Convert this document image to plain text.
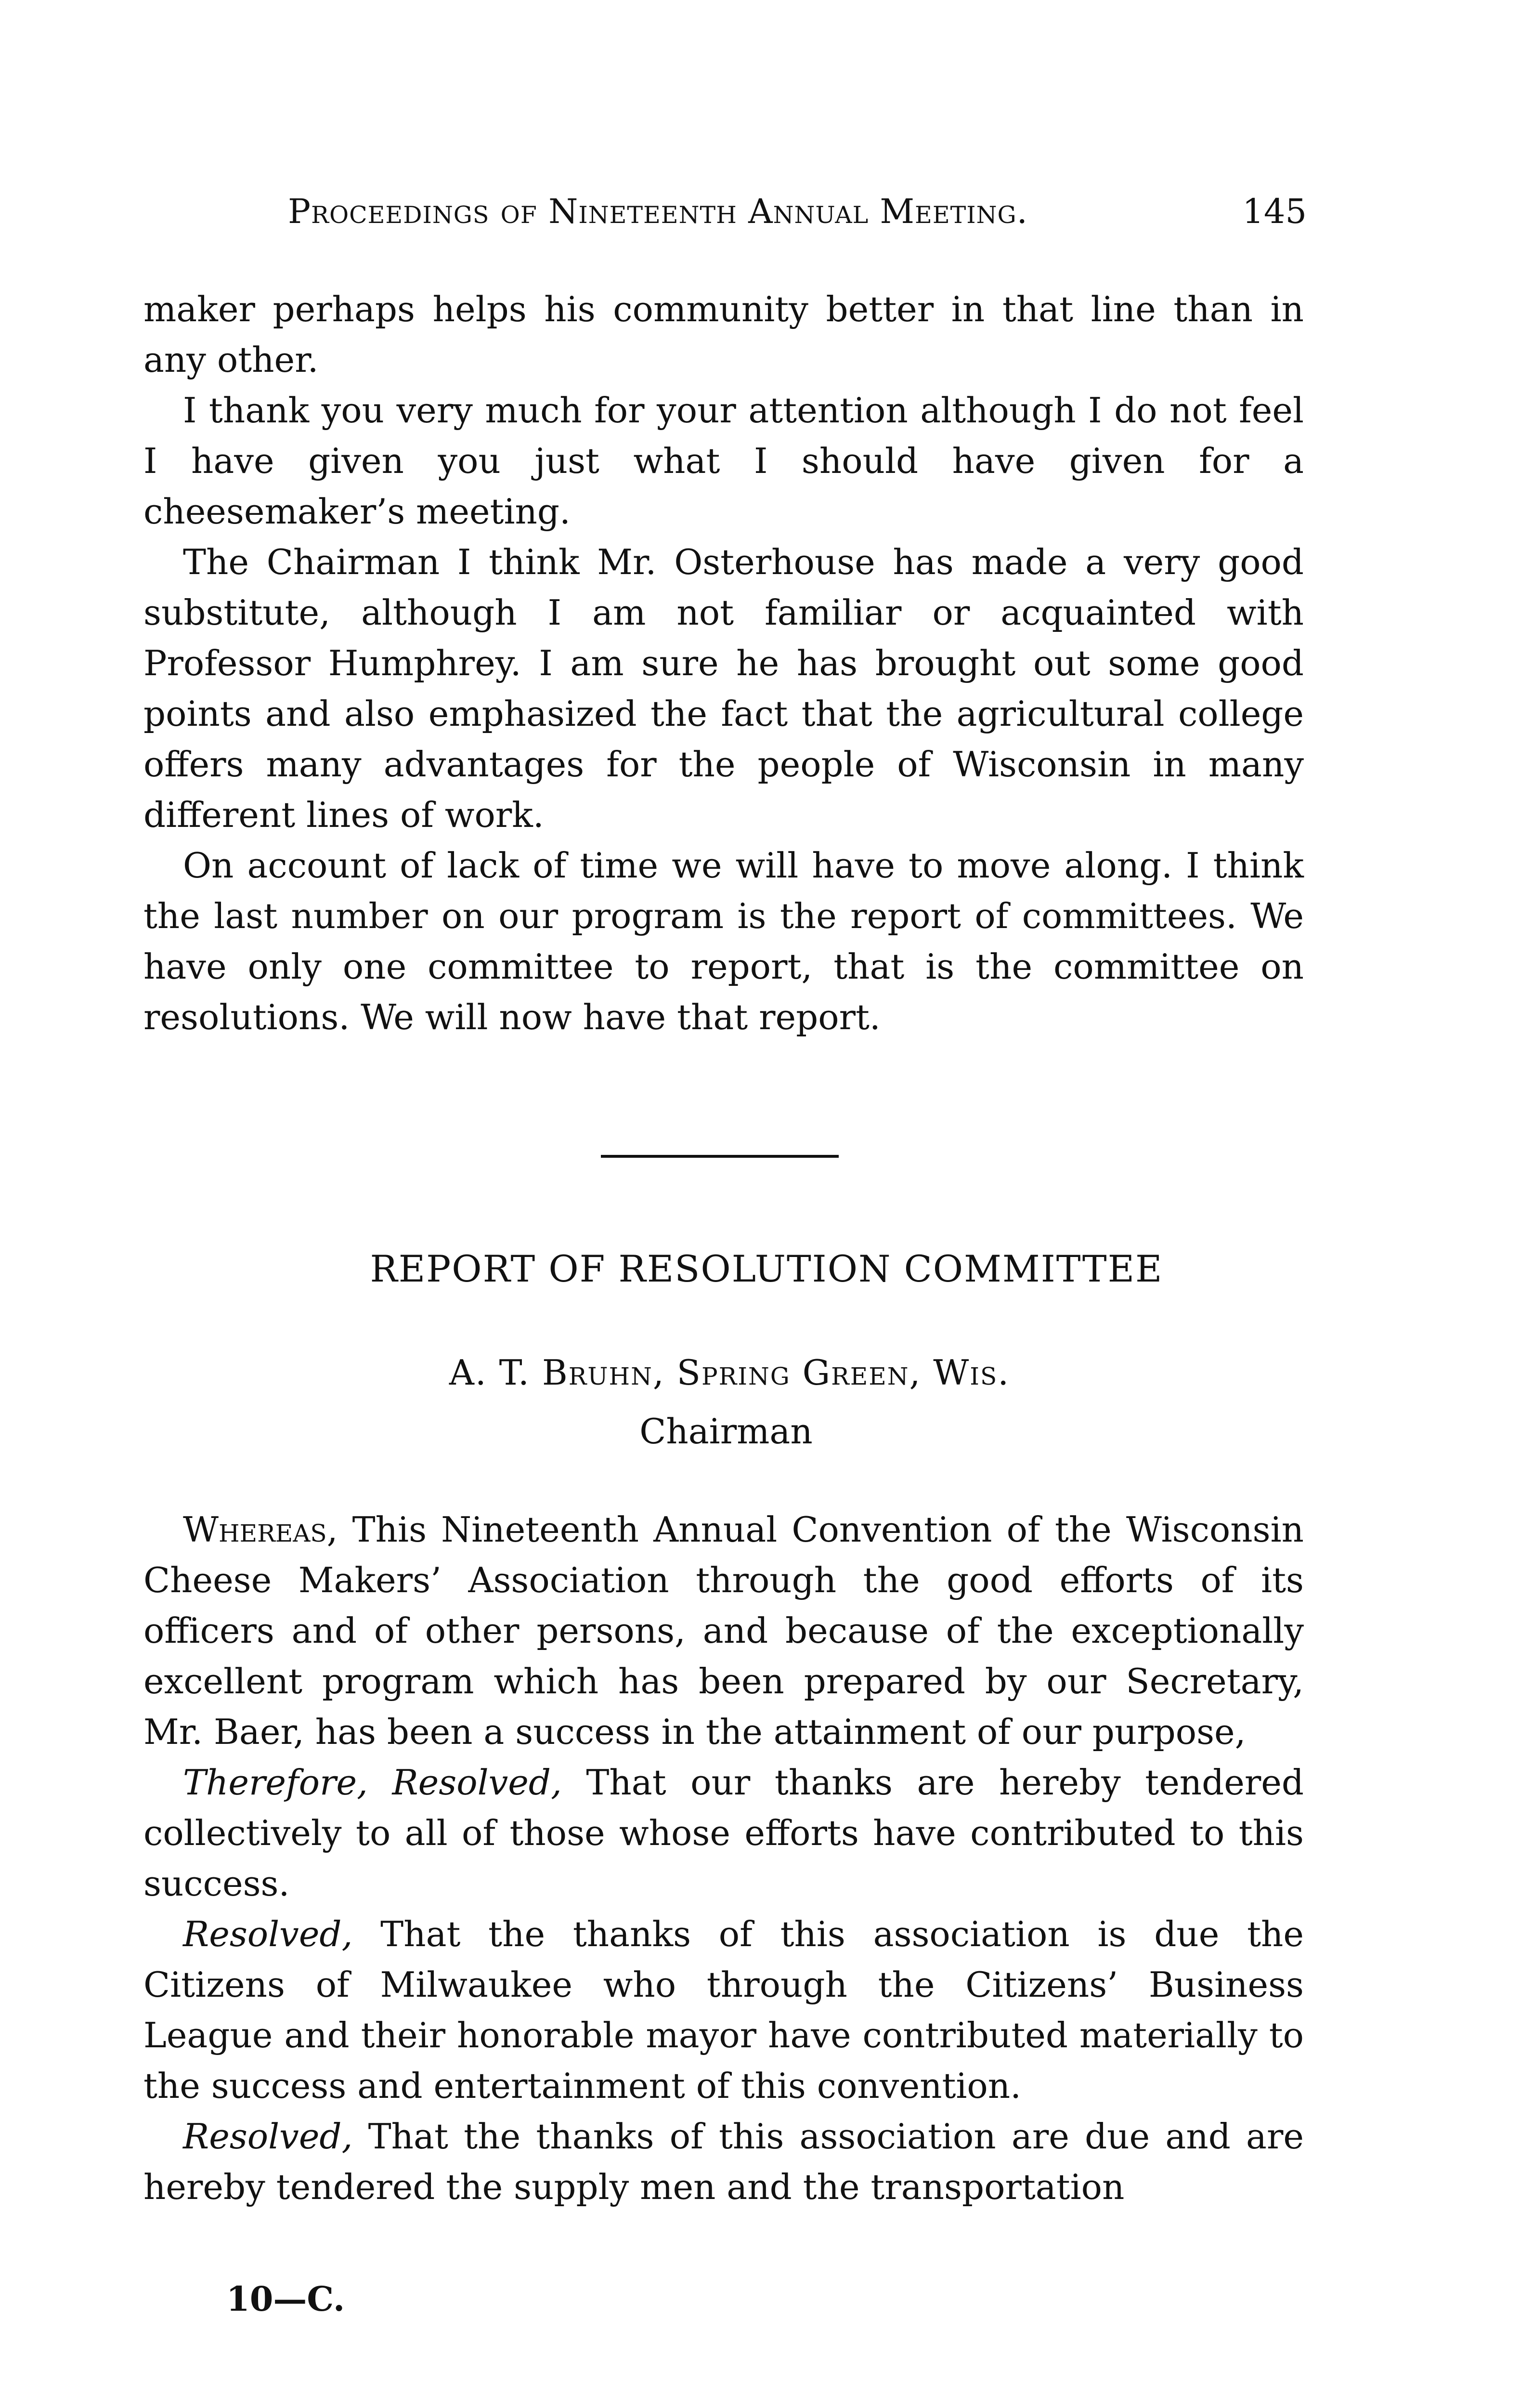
Proceedings of Nineteenth Annual Meeting.	145

maker perhaps helps his community better in that line than in any other.

I thank you very much for your attention although I do not feel I have given you just what I should have given for a cheesemaker’s meeting.

The Chairman I think Mr. Osterhouse has made a very good substitute, although I am not familiar or acquainted with Professor Humphrey. I am sure he has brought out some good points and also emphasized the fact that the agricultural college offers many advantages for the people of Wisconsin in many different lines of work.

On account of lack of time we will have to move along. I think the last number on our program is the report of committees. We have only one committee to report, that is the committee on resolutions. We will now have that report.

REPORT OF RESOLUTION COMMITTEE
A. T. Bruhn, Spring Green, Wis.
Chairman

Whereas, This Nineteenth Annual Convention of the Wisconsin Cheese Makers’ Association through the good efforts of its officers and of other persons, and because of the exceptionally excellent program which has been prepared by our Secretary, Mr. Baer, has been a success in the attainment of our purpose,

Therefore, Resolved, That our thanks are hereby tendered collectively to all of those whose efforts have contributed to this success.

Resolved, That the thanks of this association is due the Citizens of Milwaukee who through the Citizens’ Business League and their honorable mayor have contributed materially to the success and entertainment of this convention.

Resolved, That the thanks of this association are due and are hereby tendered the supply men and the transportation

10—C.
